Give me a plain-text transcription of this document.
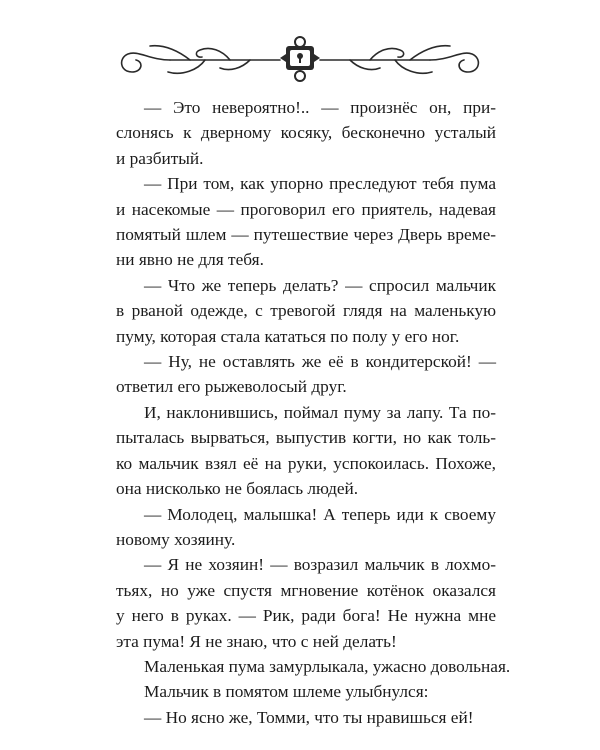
— Это невероятно!.. — произнёс он, при-
слонясь к дверному косяку, бесконечно усталый
и разбитый.

— При том, как упорно преследуют тебя пума
и насекомые — проговорил его приятель, надевая
помятый шлем — путешествие через Дверь време-
ни явно не для тебя.

— Что же теперь делать? — спросил мальчик
в рваной одежде, с тревогой глядя на маленькую
пуму, которая стала кататься по полу у его ног.

— Ну, не оставлять же её в кондитерской! —
ответил его рыжеволосый друг.

И, наклонившись, поймал пуму за лапу. Та по-
пыталась вырваться, выпустив когти, но как толь-
ко мальчик взял её на руки, успокоилась. Похоже,
она нисколько не боялась людей.

— Молодец, малышка! А теперь иди к своему
новому хозяину.

— Я не хозяин! — возразил мальчик в лохмо-
тьях, но уже спустя мгновение котёнок оказался
у него в руках. — Рик, ради бога! Не нужна мне
эта пума! Я не знаю, что с ней делать!

Маленькая пума замурлыкала, ужасно довольная.

Мальчик в помятом шлеме улыбнулся:

— Но ясно же, Томми, что ты нравишься ей!
